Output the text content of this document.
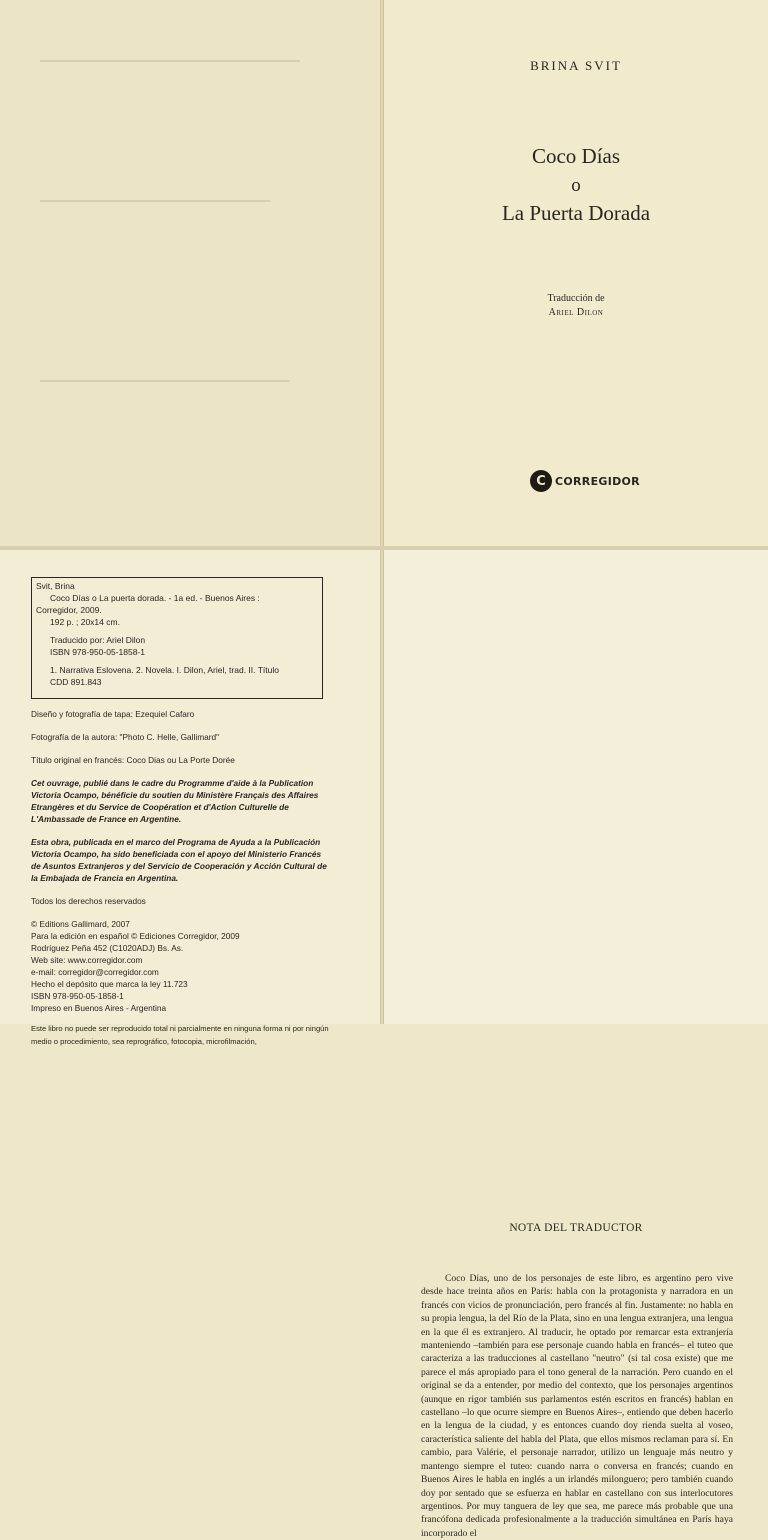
BRINA SVIT
Coco Días
o
La Puerta Dorada
Traducción de
Ariel Dilon
C CORREGIDOR
Svit, Brina
Coco Días o La puerta dorada. - 1a ed. - Buenos Aires :
Corregidor, 2009.
192 p. ; 20x14 cm.
Traducido por: Ariel Dilon
ISBN 978-950-05-1858-1
1. Narrativa Eslovena. 2. Novela. I. Dilon, Ariel, trad. II. Título
CDD 891.843
Diseño y fotografía de tapa: Ezequiel Cafaro
Fotografía de la autora: "Photo C. Helle, Gallimard"
Título original en francés: Coco Dias ou La Porte Dorée
Cet ouvrage, publié dans le cadre du Programme d'aide à la Publication Victoria Ocampo, bénéficie du soutien du Ministère Français des Affaires Etrangères et du Service de Coopération et d'Action Culturelle de L'Ambassade de France en Argentine.
Esta obra, publicada en el marco del Programa de Ayuda a la Publicación Victoria Ocampo, ha sido beneficiada con el apoyo del Ministerio Francés de Asuntos Extranjeros y del Servicio de Cooperación y Acción Cultural de la Embajada de Francia en Argentina.
Todos los derechos reservados
© Editions Gallimard, 2007
Para la edición en español © Ediciones Corregidor, 2009
Rodríguez Peña 452 (C1020ADJ) Bs. As.
Web site: www.corregidor.com
e-mail: corregidor@corregidor.com
Hecho el depósito que marca la ley 11.723
ISBN 978-950-05-1858-1
Impreso en Buenos Aires - Argentina
Este libro no puede ser reproducido total ni parcialmente en ninguna forma ni por ningún medio o procedimiento, sea reprográfico, fotocopia, microfilmación,
NOTA DEL TRADUCTOR
Coco Días, uno de los personajes de este libro, es argentino pero vive desde hace treinta años en París: habla con la protagonista y narradora en un francés con vicios de pronunciación, pero francés al fin. Justamente: no habla en su propia lengua, la del Río de la Plata, sino en una lengua extranjera, una lengua en la que él es extranjero. Al traducir, he optado por remarcar esta extranjería manteniendo –también para ese personaje cuando habla en francés– el tuteo que caracteriza a las traducciones al castellano "neutro" (si tal cosa existe) que me parece el más apropiado para el tono general de la narración. Pero cuando en el original se da a entender, por medio del contexto, que los personajes argentinos (aunque en rigor también sus parlamentos estén escritos en francés) hablan en castellano –lo que ocurre siempre en Buenos Aires–, entiendo que deben hacerlo en la lengua de la ciudad, y es entonces cuando doy rienda suelta al voseo, característica saliente del habla del Plata, que ellos mismos reclaman para sí. En cambio, para Valérie, el personaje narrador, utilizo un lenguaje más neutro y mantengo siempre el tuteo: cuando narra o conversa en francés; cuando en Buenos Aires le habla en inglés a un irlandés milonguero; pero también cuando doy por sentado que se esfuerza en hablar en castellano con sus interlocutores argentinos. Por muy tanguera de ley que sea, me parece más probable que una francófona dedicada profesionalmente a la traducción simultánea en París haya incorporado el
